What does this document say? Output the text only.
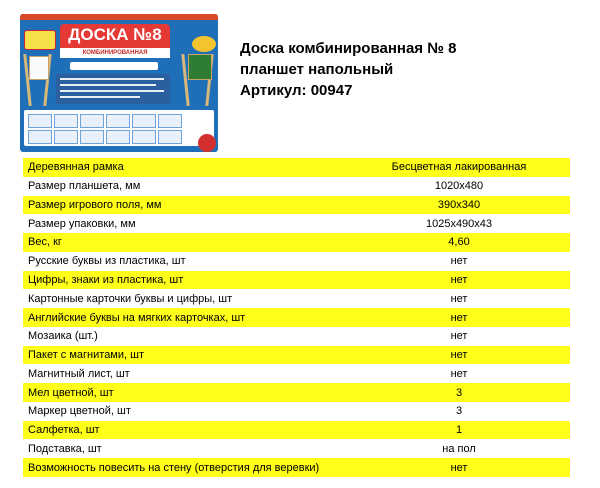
ДОСКА №8
КОМБИНИРОВАННАЯ	Доска комбинированная № 8
планшет напольный
Артикул: 00947
Деревянная рамка	Бесцветная лакированная
Размер планшета, мм	1020х480
Размер игрового поля, мм	390х340
Размер упаковки, мм	1025х490х43
Вес, кг	4,60
Русские буквы из пластика, шт	нет
Цифры, знаки из пластика, шт	нет
Картонные карточки буквы и цифры, шт	нет
Английские буквы на мягких карточках, шт	нет
Мозаика (шт.)	нет
Пакет с магнитами, шт	нет
Магнитный лист, шт	нет
Мел цветной, шт	3
Маркер цветной, шт	3
Салфетка, шт	1
Подставка, шт	на пол
Возможность повесить на стену (отверстия для веревки)	нет
